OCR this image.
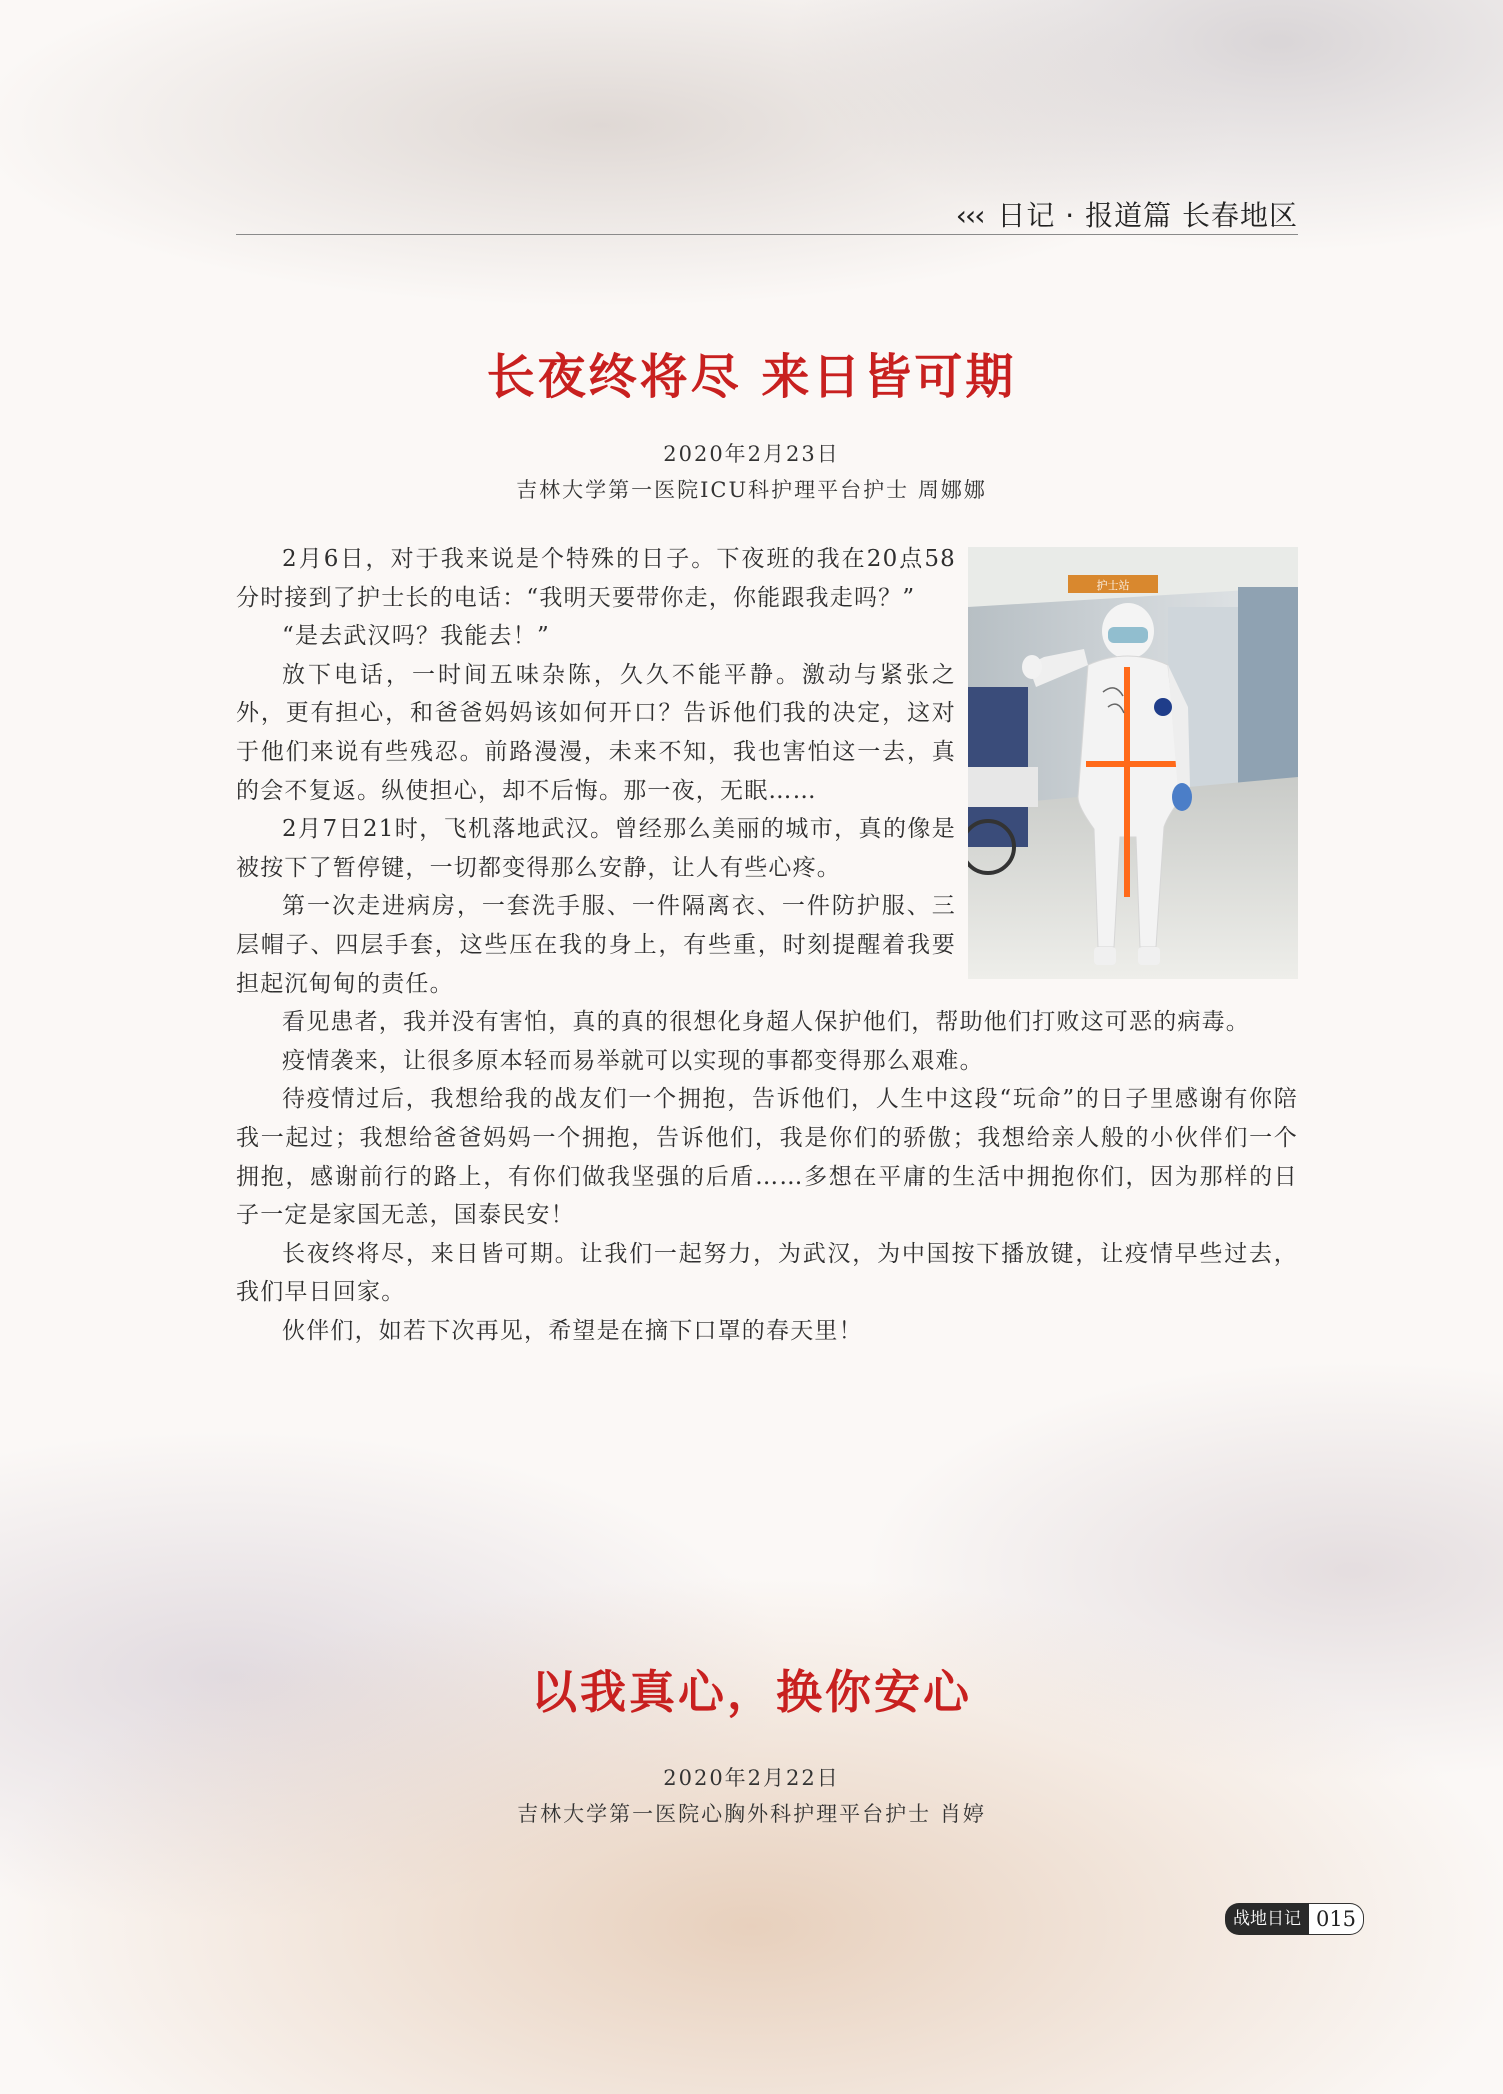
‹‹‹ 日记 · 报道篇 长春地区
长夜终将尽 来日皆可期
2020年2月23日
吉林大学第一医院ICU科护理平台护士 周娜娜
护士站

2月6日，对于我来说是个特殊的日子。下夜班的我在20点58分时接到了护士长的电话：“我明天要带你走，你能跟我走吗？”

“是去武汉吗？我能去！”

放下电话，一时间五味杂陈，久久不能平静。激动与紧张之外，更有担心，和爸爸妈妈该如何开口？告诉他们我的决定，这对于他们来说有些残忍。前路漫漫，未来不知，我也害怕这一去，真的会不复返。纵使担心，却不后悔。那一夜，无眠……

2月7日21时，飞机落地武汉。曾经那么美丽的城市，真的像是被按下了暂停键，一切都变得那么安静，让人有些心疼。

第一次走进病房，一套洗手服、一件隔离衣、一件防护服、三层帽子、四层手套，这些压在我的身上，有些重，时刻提醒着我要担起沉甸甸的责任。

看见患者，我并没有害怕，真的真的很想化身超人保护他们，帮助他们打败这可恶的病毒。

疫情袭来，让很多原本轻而易举就可以实现的事都变得那么艰难。

待疫情过后，我想给我的战友们一个拥抱，告诉他们，人生中这段“玩命”的日子里感谢有你陪我一起过；我想给爸爸妈妈一个拥抱，告诉他们，我是你们的骄傲；我想给亲人般的小伙伴们一个拥抱，感谢前行的路上，有你们做我坚强的后盾……多想在平庸的生活中拥抱你们，因为那样的日子一定是家国无恙，国泰民安！

长夜终将尽，来日皆可期。让我们一起努力，为武汉，为中国按下播放键，让疫情早些过去，我们早日回家。

伙伴们，如若下次再见，希望是在摘下口罩的春天里！

以我真心，换你安心
2020年2月22日
吉林大学第一医院心胸外科护理平台护士 肖婷
战地日记 015
